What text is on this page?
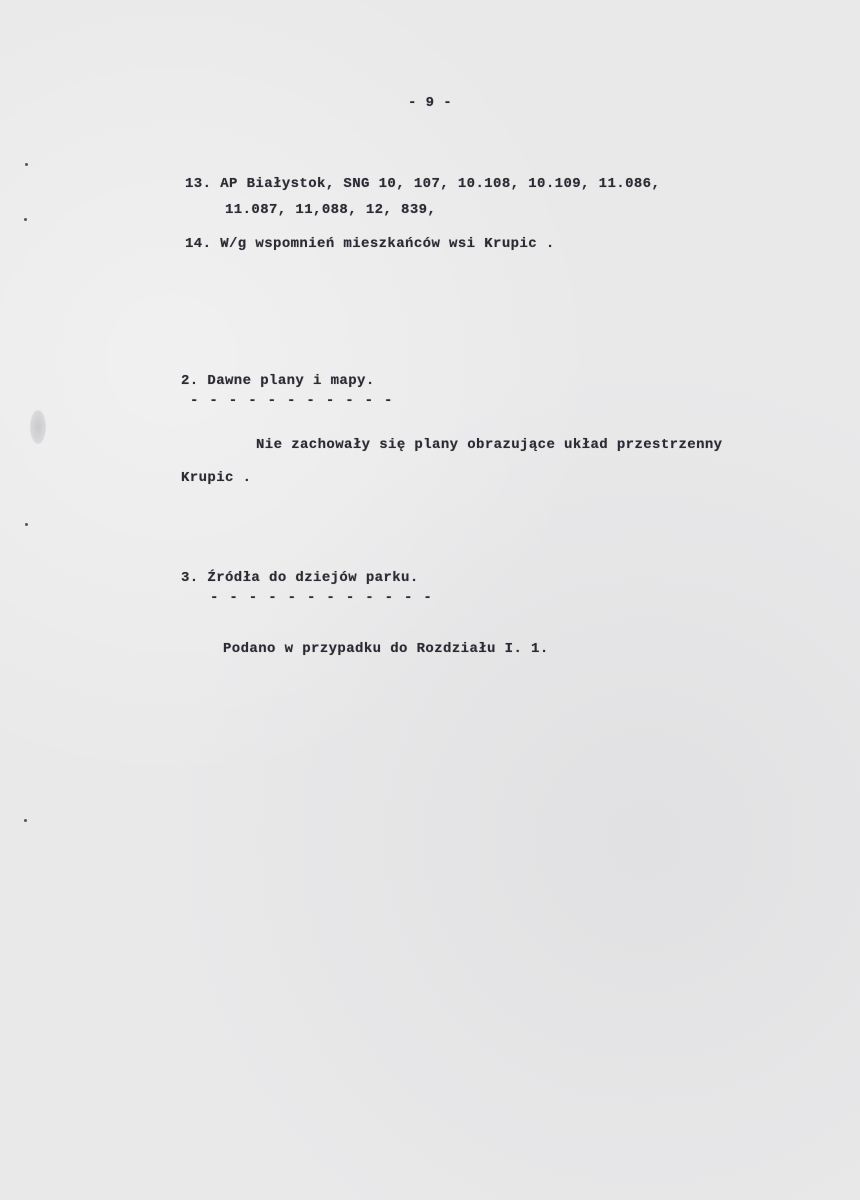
- 9 -
13. AP Białystok, SNG 10, 107, 10.108, 10.109, 11.086,
11.087, 11,088, 12, 839,
14. W/g wspomnień mieszkańców wsi Krupic .
2. Dawne plany i mapy.
- - - - - - - - - - -
Nie zachowały się plany obrazujące układ przestrzenny
Krupic .
3. Źródła do dziejów parku.
- - - - - - - - - - - -
Podano w przypadku do Rozdziału I. 1.
